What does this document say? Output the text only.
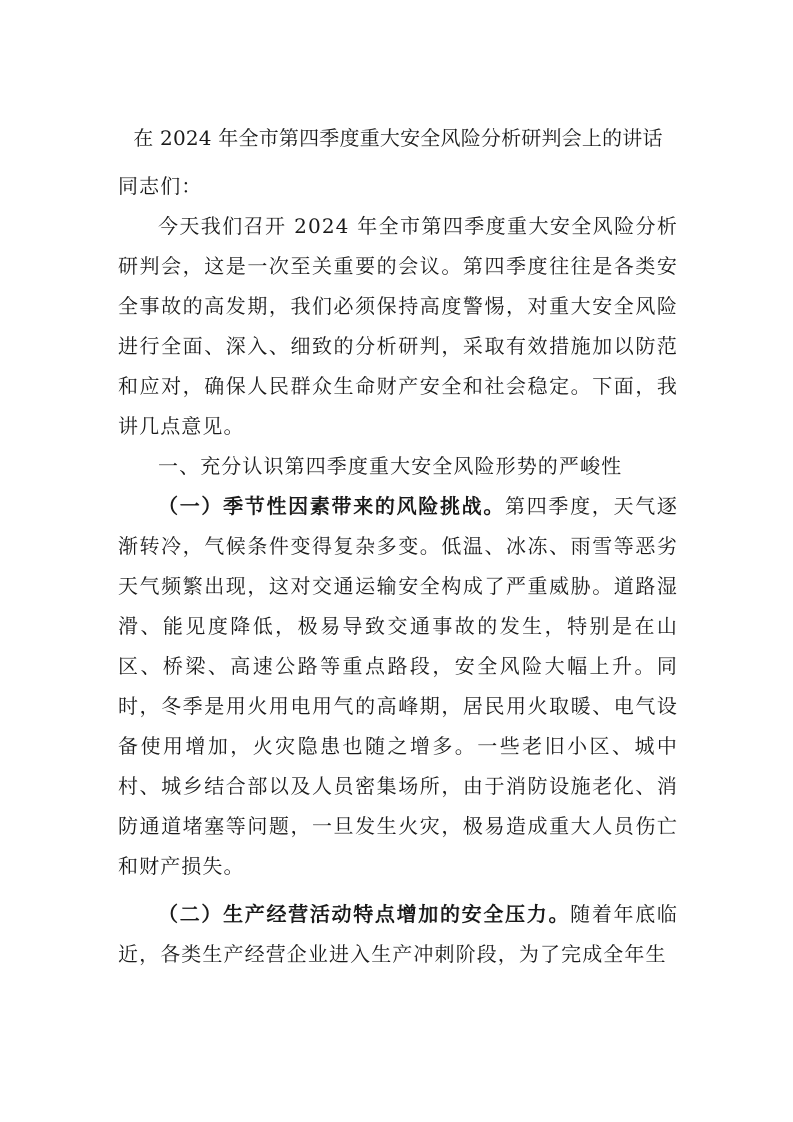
在 2024 年全市第四季度重大安全风险分析研判会上的讲话

同志们：

今天我们召开 2024 年全市第四季度重大安全风险分析研判会，这是一次至关重要的会议。第四季度往往是各类安全事故的高发期，我们必须保持高度警惕，对重大安全风险进行全面、深入、细致的分析研判，采取有效措施加以防范和应对，确保人民群众生命财产安全和社会稳定。下面，我讲几点意见。

一、充分认识第四季度重大安全风险形势的严峻性

（一）季节性因素带来的风险挑战。第四季度，天气逐渐转冷，气候条件变得复杂多变。低温、冰冻、雨雪等恶劣天气频繁出现，这对交通运输安全构成了严重威胁。道路湿滑、能见度降低，极易导致交通事故的发生，特别是在山区、桥梁、高速公路等重点路段，安全风险大幅上升。同时，冬季是用火用电用气的高峰期，居民用火取暖、电气设备使用增加，火灾隐患也随之增多。一些老旧小区、城中村、城乡结合部以及人员密集场所，由于消防设施老化、消防通道堵塞等问题，一旦发生火灾，极易造成重大人员伤亡和财产损失。

（二）生产经营活动特点增加的安全压力。随着年底临近，各类生产经营企业进入生产冲刺阶段，为了完成全年生
